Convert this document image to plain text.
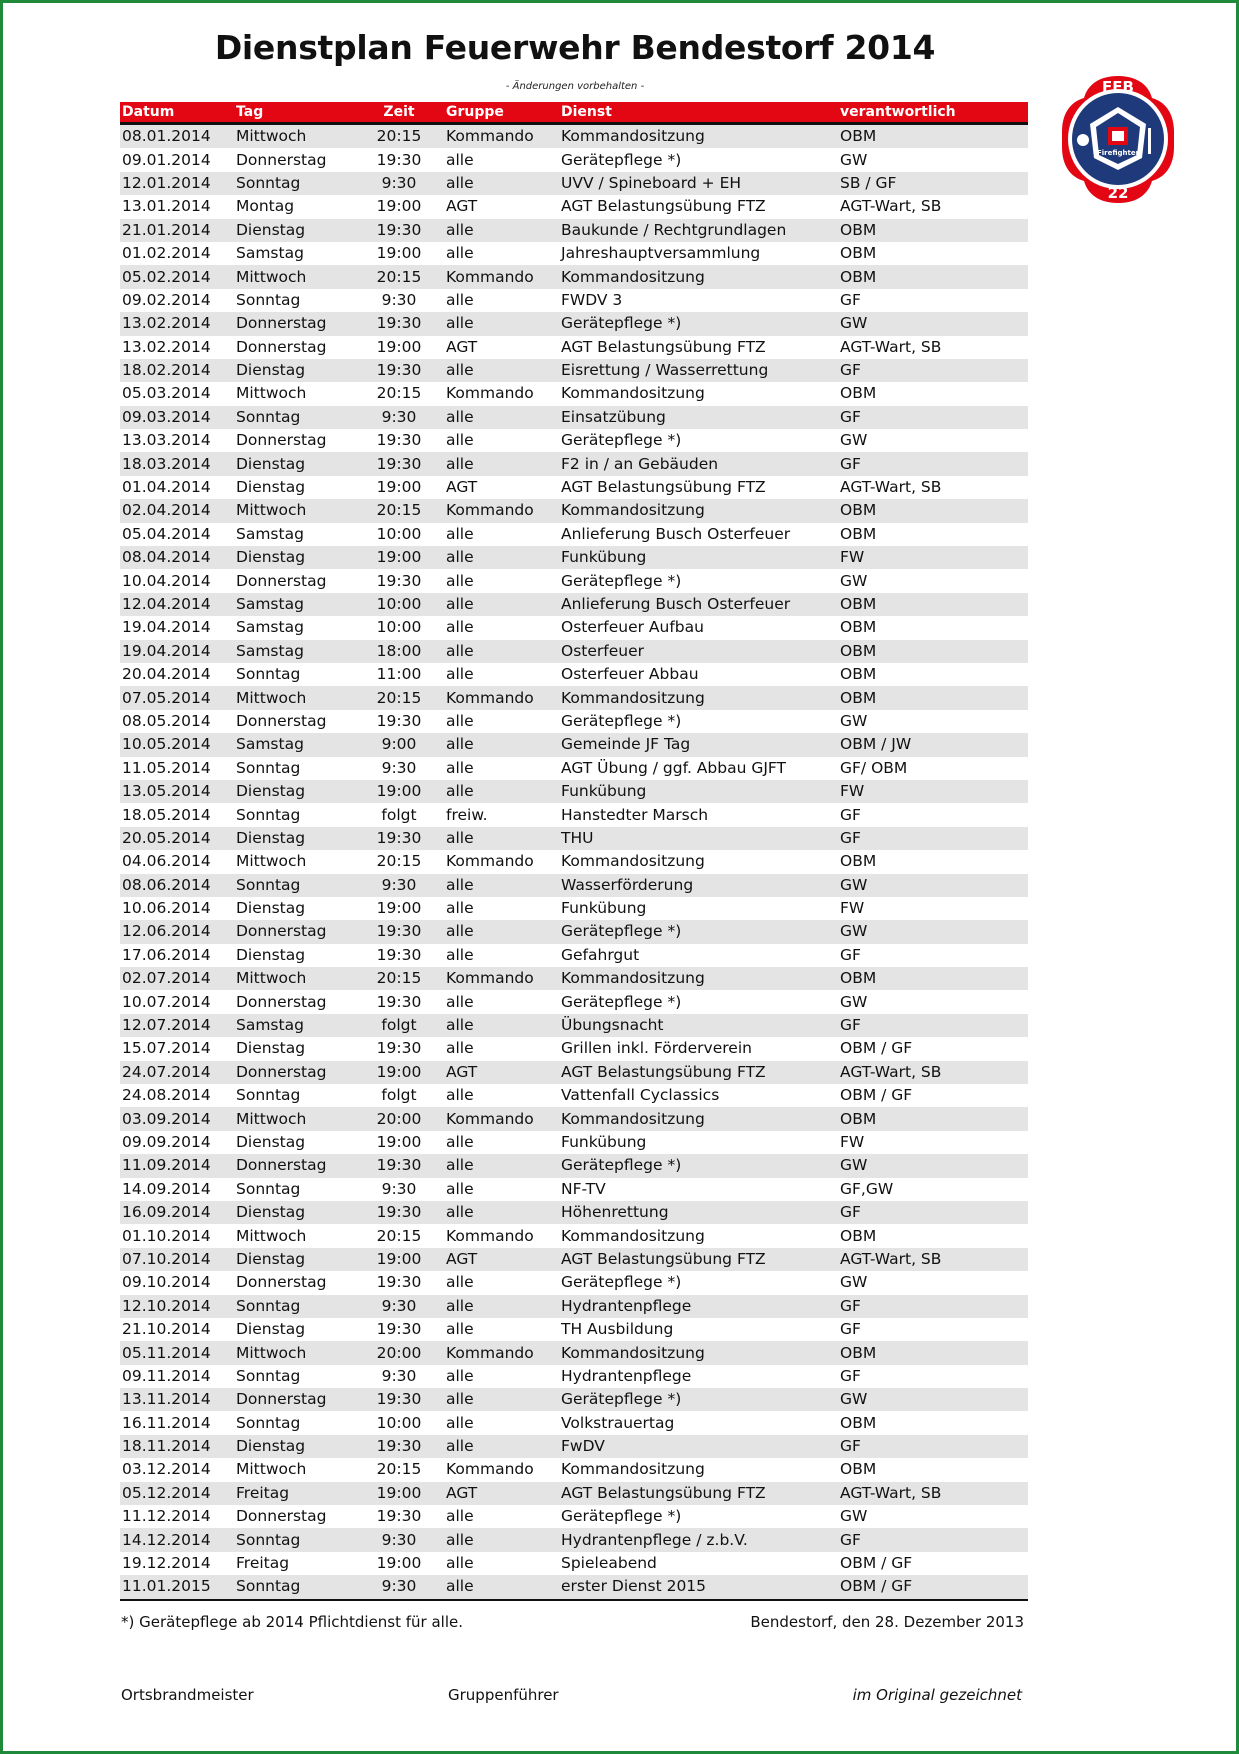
Dienstplan Feuerwehr Bendestorf 2014
- Änderungen vorbehalten -	FFB
Firefighter
22
Datum	Tag	Zeit	Gruppe	Dienst	verantwortlich
08.01.2014	Mittwoch	20:15	Kommando	Kommandositzung	OBM
09.01.2014	Donnerstag	19:30	alle	Gerätepflege *)	GW
12.01.2014	Sonntag	9:30	alle	UVV / Spineboard + EH	SB / GF
13.01.2014	Montag	19:00	AGT	AGT Belastungsübung FTZ	AGT-Wart, SB
21.01.2014	Dienstag	19:30	alle	Baukunde / Rechtgrundlagen	OBM
01.02.2014	Samstag	19:00	alle	Jahreshauptversammlung	OBM
05.02.2014	Mittwoch	20:15	Kommando	Kommandositzung	OBM
09.02.2014	Sonntag	9:30	alle	FWDV 3	GF
13.02.2014	Donnerstag	19:30	alle	Gerätepflege *)	GW
13.02.2014	Donnerstag	19:00	AGT	AGT Belastungsübung FTZ	AGT-Wart, SB
18.02.2014	Dienstag	19:30	alle	Eisrettung / Wasserrettung	GF
05.03.2014	Mittwoch	20:15	Kommando	Kommandositzung	OBM
09.03.2014	Sonntag	9:30	alle	Einsatzübung	GF
13.03.2014	Donnerstag	19:30	alle	Gerätepflege *)	GW
18.03.2014	Dienstag	19:30	alle	F2 in / an Gebäuden	GF
01.04.2014	Dienstag	19:00	AGT	AGT Belastungsübung FTZ	AGT-Wart, SB
02.04.2014	Mittwoch	20:15	Kommando	Kommandositzung	OBM
05.04.2014	Samstag	10:00	alle	Anlieferung Busch Osterfeuer	OBM
08.04.2014	Dienstag	19:00	alle	Funkübung	FW
10.04.2014	Donnerstag	19:30	alle	Gerätepflege *)	GW
12.04.2014	Samstag	10:00	alle	Anlieferung Busch Osterfeuer	OBM
19.04.2014	Samstag	10:00	alle	Osterfeuer Aufbau	OBM
19.04.2014	Samstag	18:00	alle	Osterfeuer	OBM
20.04.2014	Sonntag	11:00	alle	Osterfeuer Abbau	OBM
07.05.2014	Mittwoch	20:15	Kommando	Kommandositzung	OBM
08.05.2014	Donnerstag	19:30	alle	Gerätepflege *)	GW
10.05.2014	Samstag	9:00	alle	Gemeinde JF Tag	OBM / JW
11.05.2014	Sonntag	9:30	alle	AGT Übung / ggf. Abbau GJFT	GF/ OBM
13.05.2014	Dienstag	19:00	alle	Funkübung	FW
18.05.2014	Sonntag	folgt	freiw.	Hanstedter Marsch	GF
20.05.2014	Dienstag	19:30	alle	THU	GF
04.06.2014	Mittwoch	20:15	Kommando	Kommandositzung	OBM
08.06.2014	Sonntag	9:30	alle	Wasserförderung	GW
10.06.2014	Dienstag	19:00	alle	Funkübung	FW
12.06.2014	Donnerstag	19:30	alle	Gerätepflege *)	GW
17.06.2014	Dienstag	19:30	alle	Gefahrgut	GF
02.07.2014	Mittwoch	20:15	Kommando	Kommandositzung	OBM
10.07.2014	Donnerstag	19:30	alle	Gerätepflege *)	GW
12.07.2014	Samstag	folgt	alle	Übungsnacht	GF
15.07.2014	Dienstag	19:30	alle	Grillen inkl. Förderverein	OBM / GF
24.07.2014	Donnerstag	19:00	AGT	AGT Belastungsübung FTZ	AGT-Wart, SB
24.08.2014	Sonntag	folgt	alle	Vattenfall Cyclassics	OBM / GF
03.09.2014	Mittwoch	20:00	Kommando	Kommandositzung	OBM
09.09.2014	Dienstag	19:00	alle	Funkübung	FW
11.09.2014	Donnerstag	19:30	alle	Gerätepflege *)	GW
14.09.2014	Sonntag	9:30	alle	NF-TV	GF,GW
16.09.2014	Dienstag	19:30	alle	Höhenrettung	GF
01.10.2014	Mittwoch	20:15	Kommando	Kommandositzung	OBM
07.10.2014	Dienstag	19:00	AGT	AGT Belastungsübung FTZ	AGT-Wart, SB
09.10.2014	Donnerstag	19:30	alle	Gerätepflege *)	GW
12.10.2014	Sonntag	9:30	alle	Hydrantenpflege	GF
21.10.2014	Dienstag	19:30	alle	TH Ausbildung	GF
05.11.2014	Mittwoch	20:00	Kommando	Kommandositzung	OBM
09.11.2014	Sonntag	9:30	alle	Hydrantenpflege	GF
13.11.2014	Donnerstag	19:30	alle	Gerätepflege *)	GW
16.11.2014	Sonntag	10:00	alle	Volkstrauertag	OBM
18.11.2014	Dienstag	19:30	alle	FwDV	GF
03.12.2014	Mittwoch	20:15	Kommando	Kommandositzung	OBM
05.12.2014	Freitag	19:00	AGT	AGT Belastungsübung FTZ	AGT-Wart, SB
11.12.2014	Donnerstag	19:30	alle	Gerätepflege *)	GW
14.12.2014	Sonntag	9:30	alle	Hydrantenpflege / z.b.V.	GF
19.12.2014	Freitag	19:00	alle	Spieleabend	OBM / GF
11.01.2015	Sonntag	9:30	alle	erster Dienst 2015	OBM / GF
*) Gerätepflege ab 2014 Pflichtdienst für alle.	Bendestorf, den 28. Dezember 2013
Ortsbrandmeister	Gruppenführer	im Original gezeichnet
